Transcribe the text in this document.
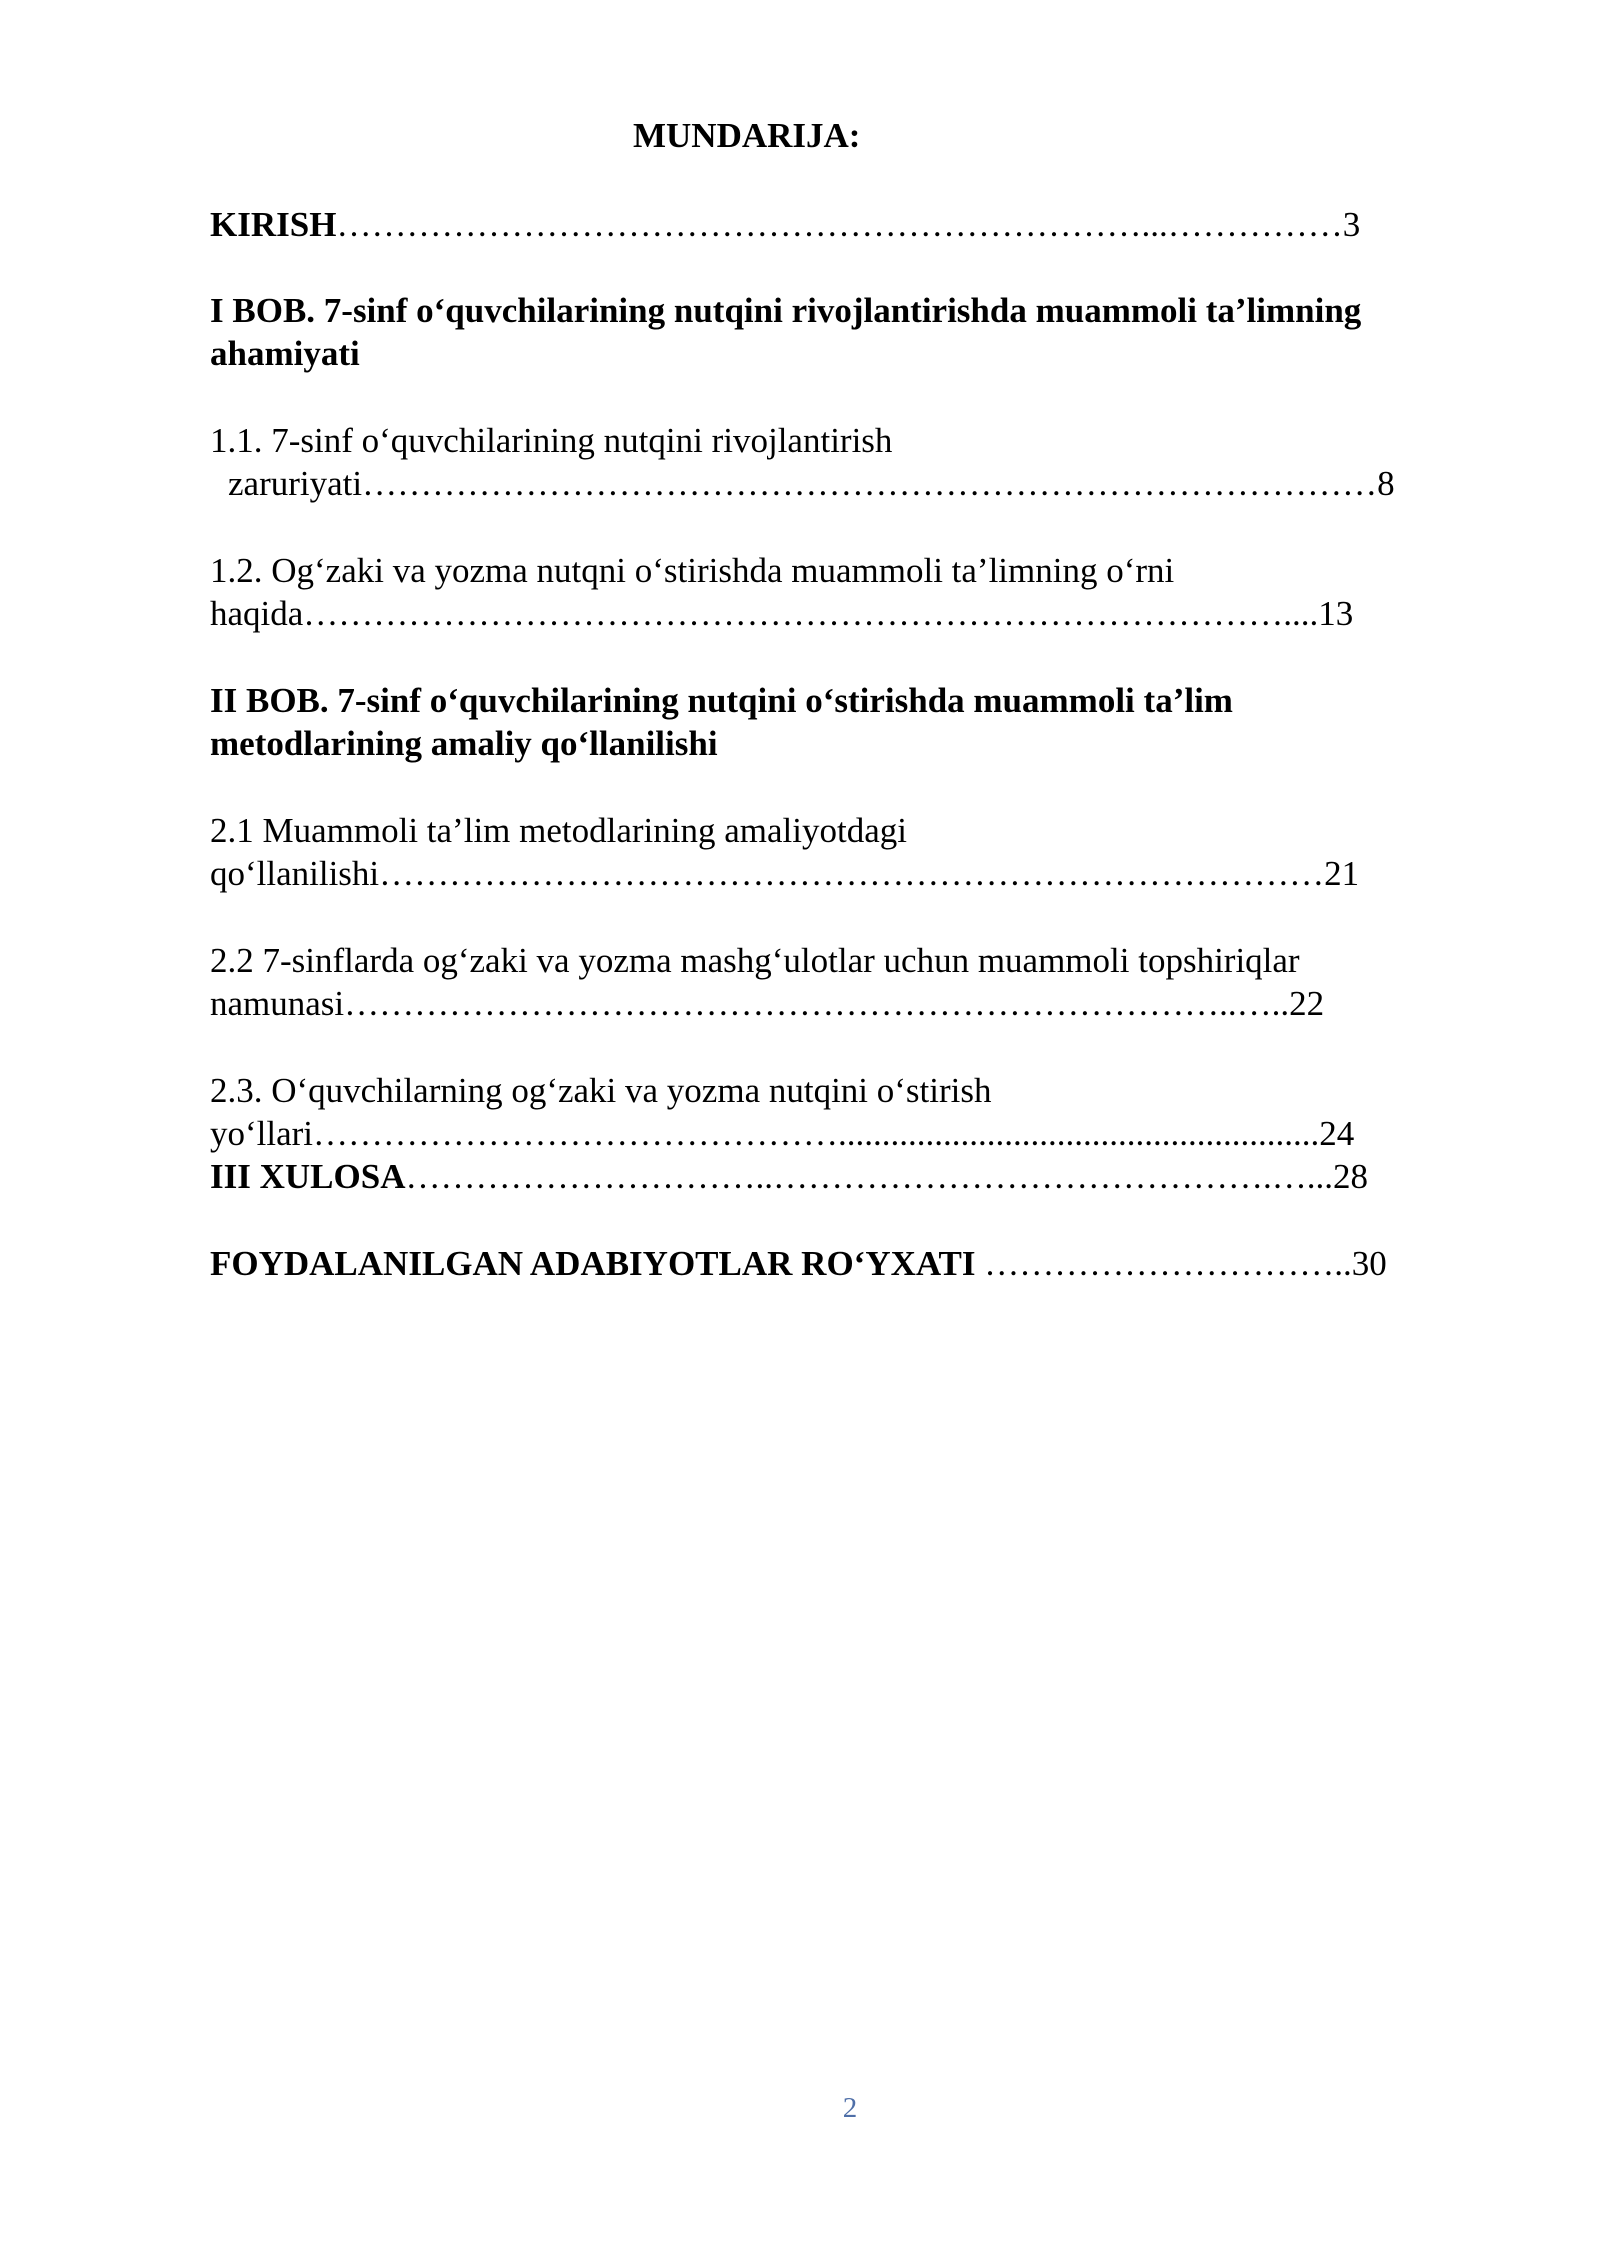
MUNDARIJA:
KIRISH……………………………………………………………...……………3
I BOB. 7-sinf o‘quvchilarining nutqini rivojlantirishda muammoli ta’limning
ahamiyati
1.1. 7-sinf o‘quvchilarining nutqini rivojlantirish
zaruriyati……………………………………………………………………………8
1.2. Og‘zaki va yozma nutqni o‘stirishda muammoli ta’limning o‘rni
haqida…………………………………………………………………………....13
II BOB. 7-sinf o‘quvchilarining nutqini o‘stirishda muammoli ta’lim
metodlarining amaliy qo‘llanilishi
2.1 Muammoli ta’lim metodlarining amaliyotdagi
qo‘llanilishi………………………………………………………………………21
2.2 7-sinflarda og‘zaki va yozma mashg‘ulotlar uchun muammoli topshiriqlar
namunasi…………………………………………………………………..…..22
2.3. O‘quvchilarning og‘zaki va yozma nutqini o‘stirish
yo‘llari……………………………………….......................................................24
III XULOSA…………………………..…………………………………….…...28
FOYDALANILGAN ADABIYOTLAR RO‘YXATI …………………………..30
2
